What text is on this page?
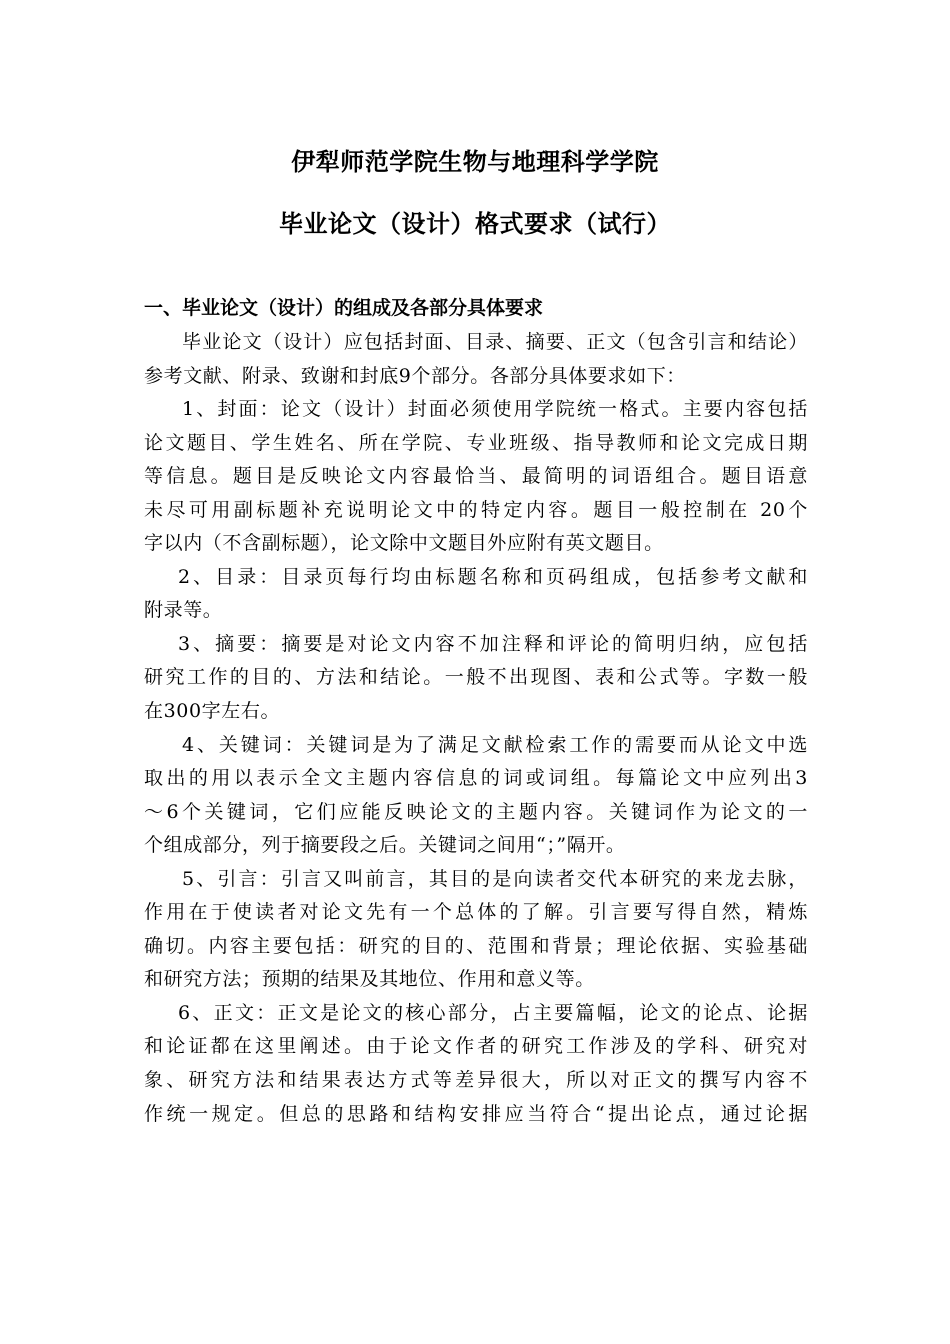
伊犁师范学院生物与地理科学学院
毕业论文（设计）格式要求（试行）
一、毕业论文（设计）的组成及各部分具体要求
毕业论文（设计）应包括封面、目录、摘要、正文（包含引言和结论）
参考文献、附录、致谢和封底9个部分。各部分具体要求如下：
1、封面：论文（设计）封面必须使用学院统一格式。主要内容包括
论文题目、学生姓名、所在学院、专业班级、指导教师和论文完成日期
等信息。题目是反映论文内容最恰当、最简明的词语组合。题目语意
未尽可用副标题补充说明论文中的特定内容。题目一般控制在 20个
字以内（不含副标题），论文除中文题目外应附有英文题目。
2、目录：目录页每行均由标题名称和页码组成，包括参考文献和
附录等。
3、摘要：摘要是对论文内容不加注释和评论的简明归纳，应包括
研究工作的目的、方法和结论。一般不出现图、表和公式等。字数一般
在300字左右。
4、关键词：关键词是为了满足文献检索工作的需要而从论文中选
取出的用以表示全文主题内容信息的词或词组。每篇论文中应列出3
～6个关键词，它们应能反映论文的主题内容。关键词作为论文的一
个组成部分，列于摘要段之后。关键词之间用“；”隔开。
5、引言：引言又叫前言，其目的是向读者交代本研究的来龙去脉，
作用在于使读者对论文先有一个总体的了解。引言要写得自然，精炼
确切。内容主要包括：研究的目的、范围和背景；理论依据、实验基础
和研究方法；预期的结果及其地位、作用和意义等。
6、正文：正文是论文的核心部分，占主要篇幅，论文的论点、论据
和论证都在这里阐述。由于论文作者的研究工作涉及的学科、研究对
象、研究方法和结果表达方式等差异很大，所以对正文的撰写内容不
作统一规定。但总的思路和结构安排应当符合“提出论点，通过论据
